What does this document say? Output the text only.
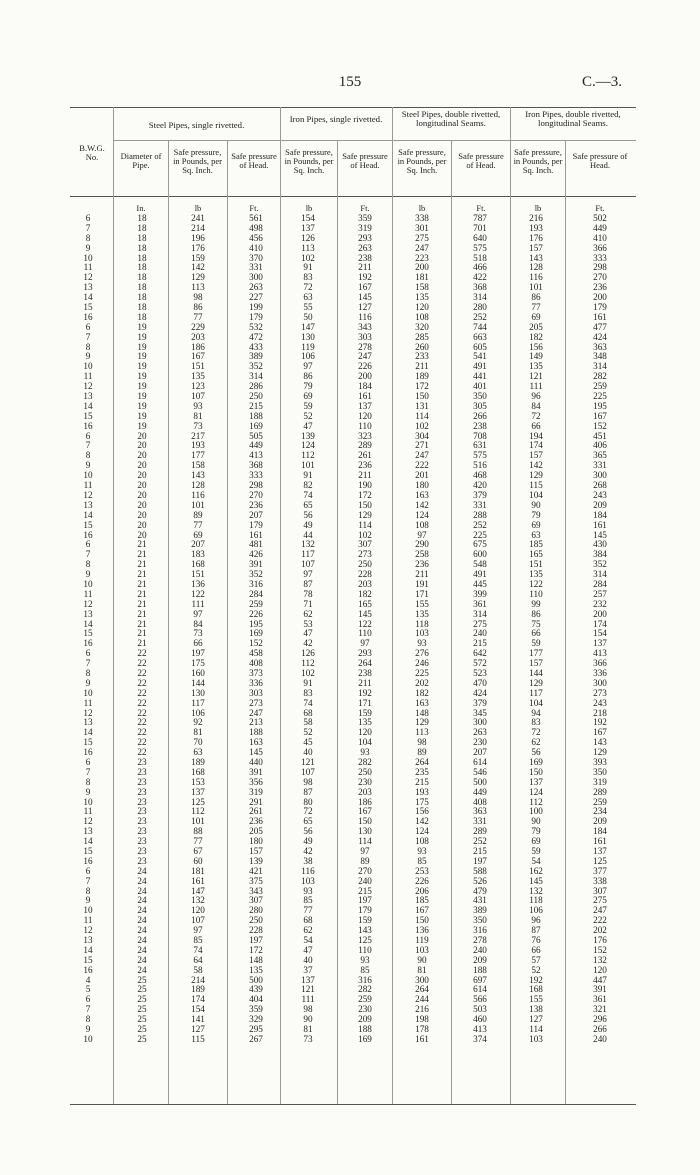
155	C.—3.
B.W.G. No.
Steel Pipes, single rivetted.
Iron Pipes, single rivetted.	Steel Pipes, double rivetted, longitudinal Seams.
Iron Pipes, double rivetted, longitudinal Seams.
Diameter of Pipe.
Safe pressure, in Pounds, per Sq. Inch.
Safe pressure of Head.
Safe pressure, in Pounds, per Sq. Inch.
Safe pressure of Head.
Safe pressure, in Pounds, per Sq. Inch.
Safe pressure of Head.
Safe pressure, in Pounds, per Sq. Inch.
Safe pressure of Head.
In.	lb	Ft.	lb	Ft.	lb	Ft.	lb	Ft.
6	18	241	561	154	359	338	787	216	502
7	18	214	498	137	319	301	701	193	449
8	18	196	456	126	293	275	640	176	410
9	18	176	410	113	263	247	575	157	366
10	18	159	370	102	238	223	518	143	333
11	18	142	331	91	211	200	466	128	298
12	18	129	300	83	192	181	422	116	270
13	18	113	263	72	167	158	368	101	236
14	18	98	227	63	145	135	314	86	200
15	18	86	199	55	127	120	280	77	179
16	18	77	179	50	116	108	252	69	161
6	19	229	532	147	343	320	744	205	477
7	19	203	472	130	303	285	663	182	424
8	19	186	433	119	278	260	605	156	363
9	19	167	389	106	247	233	541	149	348
10	19	151	352	97	226	211	491	135	314
11	19	135	314	86	200	189	441	121	282
12	19	123	286	79	184	172	401	111	259
13	19	107	250	69	161	150	350	96	225
14	19	93	215	59	137	131	305	84	195
15	19	81	188	52	120	114	266	72	167
16	19	73	169	47	110	102	238	66	152
6	20	217	505	139	323	304	708	194	451
7	20	193	449	124	289	271	631	174	406
8	20	177	413	112	261	247	575	157	365
9	20	158	368	101	236	222	516	142	331
10	20	143	333	91	211	201	468	129	300
11	20	128	298	82	190	180	420	115	268
12	20	116	270	74	172	163	379	104	243
13	20	101	236	65	150	142	331	90	209
14	20	89	207	56	129	124	288	79	184
15	20	77	179	49	114	108	252	69	161
16	20	69	161	44	102	97	225	63	145
6	21	207	481	132	307	290	675	185	430
7	21	183	426	117	273	258	600	165	384
8	21	168	391	107	250	236	548	151	352
9	21	151	352	97	228	211	491	135	314
10	21	136	316	87	203	191	445	122	284
11	21	122	284	78	182	171	399	110	257
12	21	111	259	71	165	155	361	99	232
13	21	97	226	62	145	135	314	86	200
14	21	84	195	53	122	118	275	75	174
15	21	73	169	47	110	103	240	66	154
16	21	66	152	42	97	93	215	59	137
6	22	197	458	126	293	276	642	177	413
7	22	175	408	112	264	246	572	157	366
8	22	160	373	102	238	225	523	144	336
9	22	144	336	91	211	202	470	129	300
10	22	130	303	83	192	182	424	117	273
11	22	117	273	74	171	163	379	104	243
12	22	106	247	68	159	148	345	94	218
13	22	92	213	58	135	129	300	83	192
14	22	81	188	52	120	113	263	72	167
15	22	70	163	45	104	98	230	62	143
16	22	63	145	40	93	89	207	56	129
6	23	189	440	121	282	264	614	169	393
7	23	168	391	107	250	235	546	150	350
8	23	153	356	98	230	215	500	137	319
9	23	137	319	87	203	193	449	124	289
10	23	125	291	80	186	175	408	112	259
11	23	112	261	72	167	156	363	100	234
12	23	101	236	65	150	142	331	90	209
13	23	88	205	56	130	124	289	79	184
14	23	77	180	49	114	108	252	69	161
15	23	67	157	42	97	93	215	59	137
16	23	60	139	38	89	85	197	54	125
6	24	181	421	116	270	253	588	162	377
7	24	161	375	103	240	226	526	145	338
8	24	147	343	93	215	206	479	132	307
9	24	132	307	85	197	185	431	118	275
10	24	120	280	77	179	167	389	106	247
11	24	107	250	68	159	150	350	96	222
12	24	97	228	62	143	136	316	87	202
13	24	85	197	54	125	119	278	76	176
14	24	74	172	47	110	103	240	66	152
15	24	64	148	40	93	90	209	57	132
16	24	58	135	37	85	81	188	52	120
4	25	214	500	137	316	300	697	192	447
5	25	189	439	121	282	264	614	168	391
6	25	174	404	111	259	244	566	155	361
7	25	154	359	98	230	216	503	138	321
8	25	141	329	90	209	198	460	127	296
9	25	127	295	81	188	178	413	114	266
10	25	115	267	73	169	161	374	103	240
